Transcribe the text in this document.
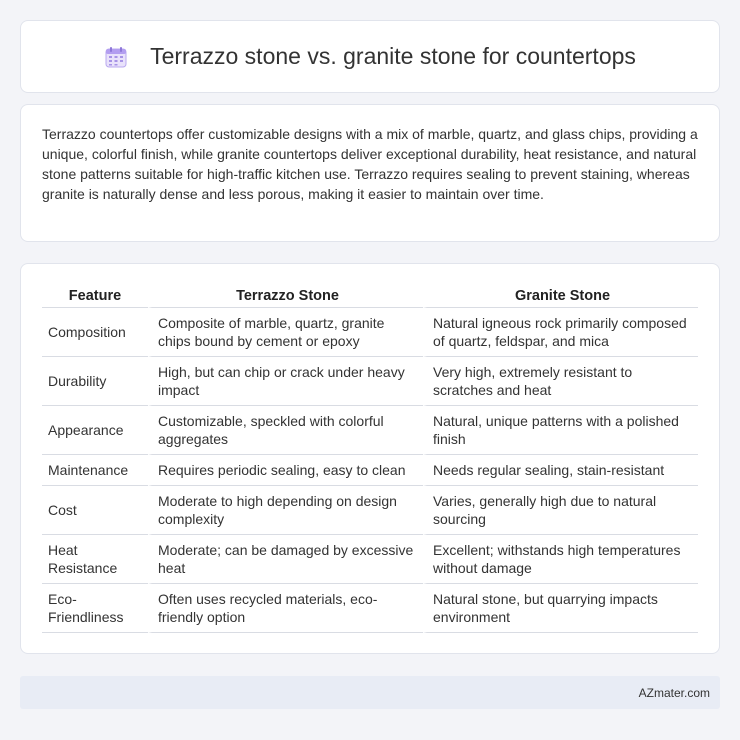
Terrazzo stone vs. granite stone for countertops

Terrazzo countertops offer customizable designs with a mix of marble, quartz, and glass chips, providing a unique, colorful finish, while granite countertops deliver exceptional durability, heat resistance, and natural stone patterns suitable for high-traffic kitchen use. Terrazzo requires sealing to prevent staining, whereas granite is naturally dense and less porous, making it easier to maintain over time.

Feature	Terrazzo Stone	Granite Stone
Composition	Composite of marble, quartz, granite chips bound by cement or epoxy	Natural igneous rock primarily composed of quartz, feldspar, and mica
Durability	High, but can chip or crack under heavy impact	Very high, extremely resistant to scratches and heat
Appearance	Customizable, speckled with colorful aggregates	Natural, unique patterns with a polished finish
Maintenance	Requires periodic sealing, easy to clean	Needs regular sealing, stain-resistant
Cost	Moderate to high depending on design complexity	Varies, generally high due to natural sourcing
Heat Resistance	Moderate; can be damaged by excessive heat	Excellent; withstands high temperatures without damage
Eco-Friendliness	Often uses recycled materials, eco-friendly option	Natural stone, but quarrying impacts environment
AZmater.com
